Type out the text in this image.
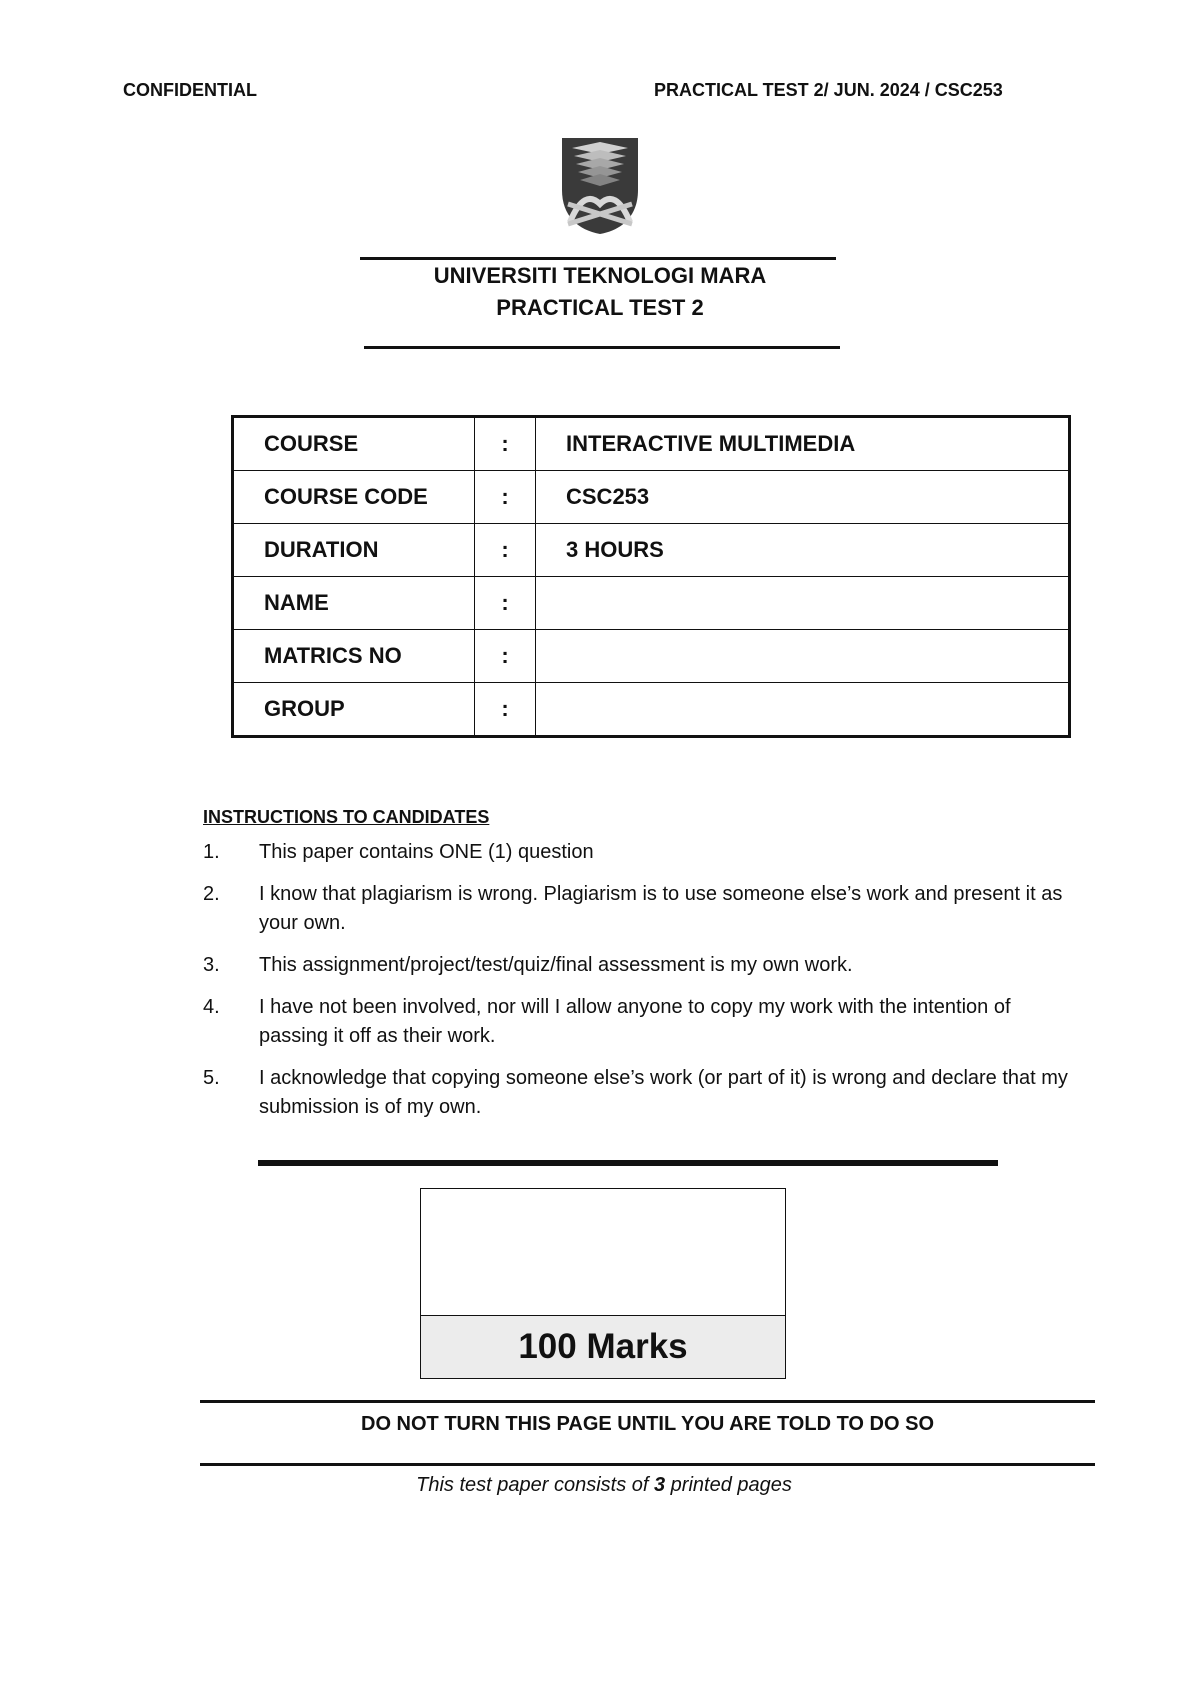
CONFIDENTIAL	PRACTICAL TEST 2/ JUN. 2024 / CSC253
UNIVERSITI TEKNOLOGI MARA
PRACTICAL TEST 2
COURSE	:	INTERACTIVE MULTIMEDIA
COURSE CODE	:	CSC253
DURATION	:	3 HOURS
NAME	:	
MATRICS NO	:	
GROUP	:	
INSTRUCTIONS TO CANDIDATES
1. This paper contains ONE (1) question
2. I know that plagiarism is wrong. Plagiarism is to use someone else’s work and present it as your own.
3. This assignment/project/test/quiz/final assessment is my own work.
4. I have not been involved, nor will I allow anyone to copy my work with the intention of passing it off as their work.
5. I acknowledge that copying someone else’s work (or part of it) is wrong and declare that my submission is of my own.
100 Marks
DO NOT TURN THIS PAGE UNTIL YOU ARE TOLD TO DO SO
This test paper consists of 3 printed pages
